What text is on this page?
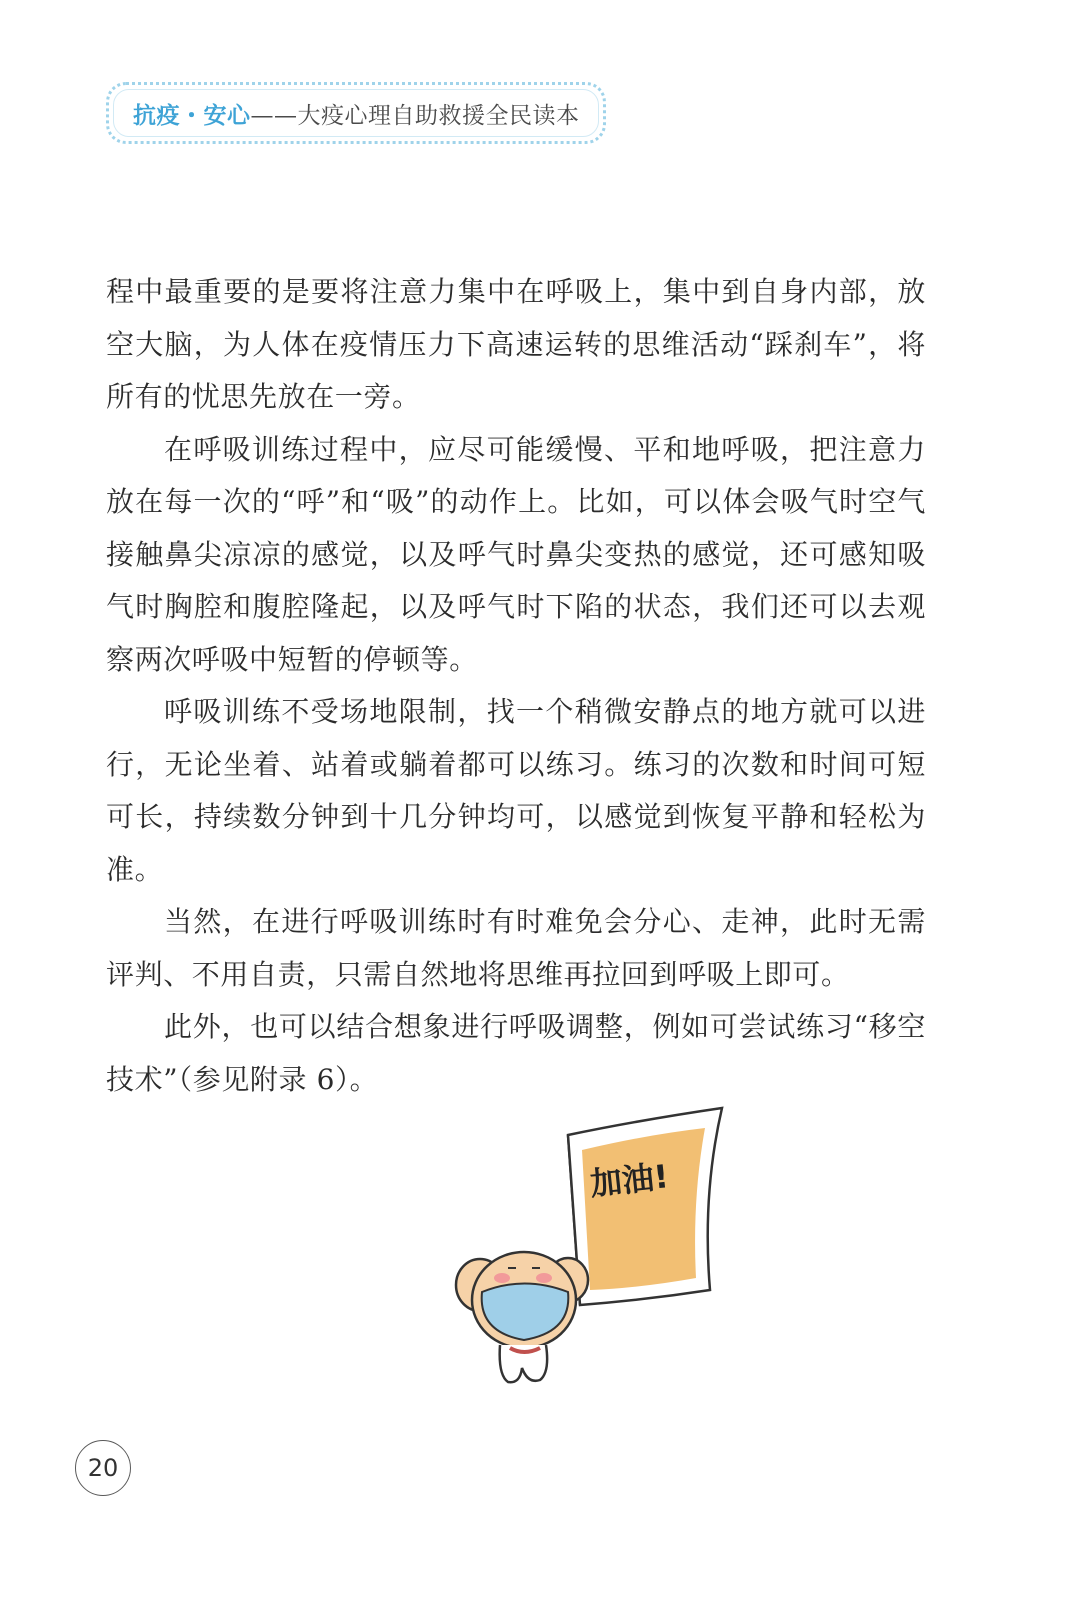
抗疫・安心 ——大疫心理自助救援全民读本

程中最重要的是要将注意力集中在呼吸上，集中到自身内部，放空大脑，为人体在疫情压力下高速运转的思维活动“踩刹车”，将所有的忧思先放在一旁。

在呼吸训练过程中，应尽可能缓慢、平和地呼吸，把注意力放在每一次的“呼”和“吸”的动作上。比如，可以体会吸气时空气接触鼻尖凉凉的感觉，以及呼气时鼻尖变热的感觉，还可感知吸气时胸腔和腹腔隆起，以及呼气时下陷的状态，我们还可以去观察两次呼吸中短暂的停顿等。

呼吸训练不受场地限制，找一个稍微安静点的地方就可以进行，无论坐着、站着或躺着都可以练习。练习的次数和时间可短可长，持续数分钟到十几分钟均可，以感觉到恢复平静和轻松为准。

当然，在进行呼吸训练时有时难免会分心、走神，此时无需评判、不用自责，只需自然地将思维再拉回到呼吸上即可。

此外，也可以结合想象进行呼吸调整，例如可尝试练习“移空技术”（参见附录 6）。

加油!
20
